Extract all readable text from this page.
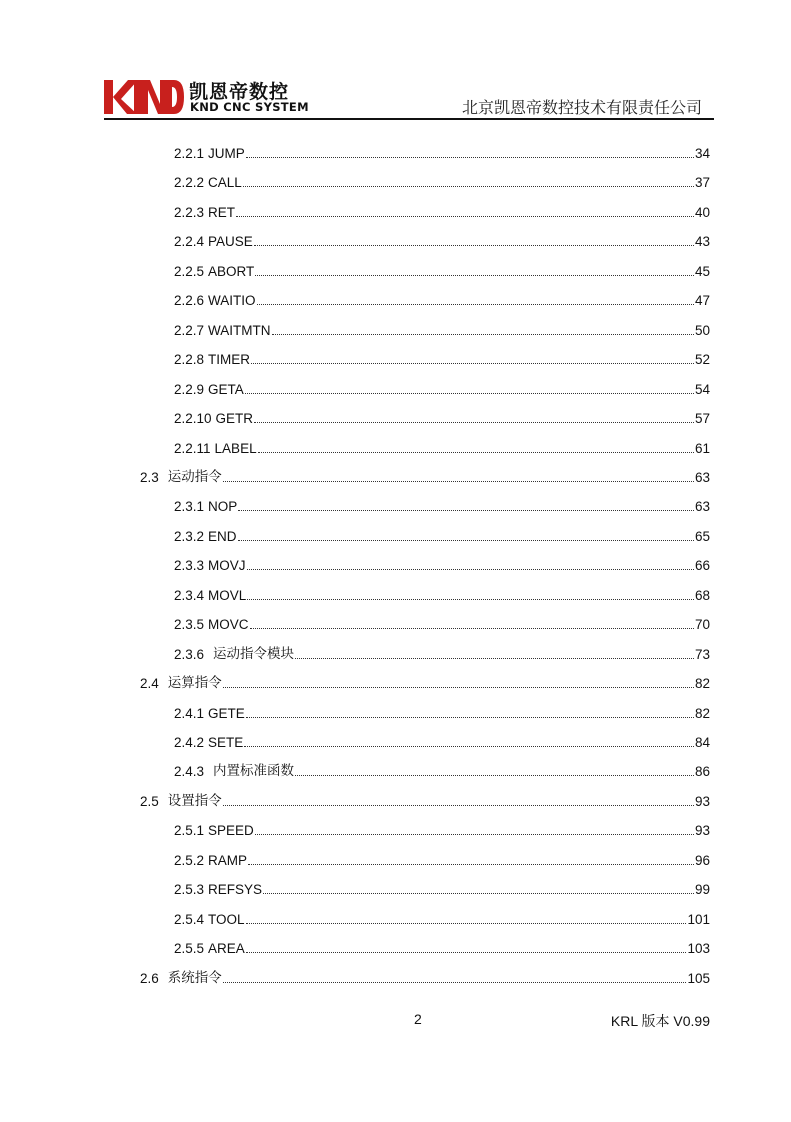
凯恩帝数控
KND CNC SYSTEM	北京凯恩帝数控技术有限责任公司
2.2.1 JUMP	34
2.2.2 CALL	37
2.2.3 RET	40
2.2.4 PAUSE	43
2.2.5 ABORT	45
2.2.6 WAITIO	47
2.2.7 WAITMTN	50
2.2.8 TIMER	52
2.2.9 GETA	54
2.2.10 GETR	57
2.2.11 LABEL	61
2.3 运动指令	63
2.3.1 NOP	63
2.3.2 END	65
2.3.3 MOVJ	66
2.3.4 MOVL	68
2.3.5 MOVC	70
2.3.6 运动指令模块	73
2.4 运算指令	82
2.4.1 GETE	82
2.4.2 SETE	84
2.4.3 内置标准函数	86
2.5 设置指令	93
2.5.1 SPEED	93
2.5.2 RAMP	96
2.5.3 REFSYS	99
2.5.4 TOOL	101
2.5.5 AREA	103
2.6 系统指令	105
2	KRL 版本 V0.99
